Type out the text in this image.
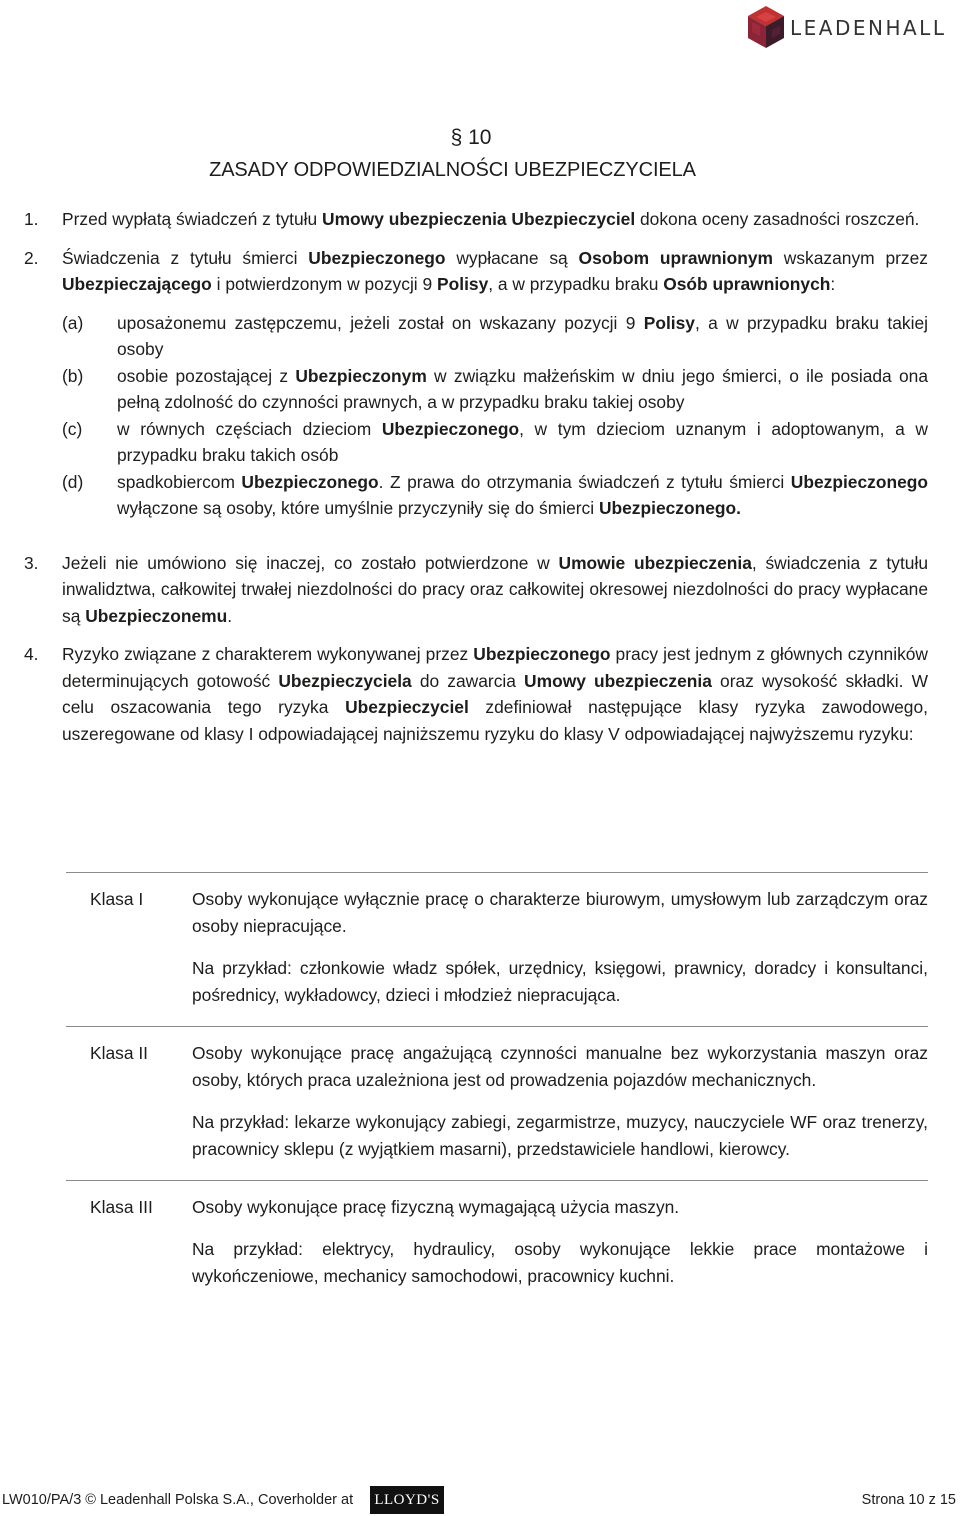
LEADENHALL
§ 10
ZASADY ODPOWIEDZIALNOŚCI UBEZPIECZYCIELA
1. Przed wypłatą świadczeń z tytułu Umowy ubezpieczenia Ubezpieczyciel dokona oceny zasadności roszczeń.
2. Świadczenia z tytułu śmierci Ubezpieczonego wypłacane są Osobom uprawnionym wskazanym przez Ubezpieczającego i potwierdzonym w pozycji 9 Polisy, a w przypadku braku Osób uprawnionych:
(a) uposażonemu zastępczemu, jeżeli został on wskazany pozycji 9 Polisy, a w przypadku braku takiej osoby
(b) osobie pozostającej z Ubezpieczonym w związku małżeńskim w dniu jego śmierci, o ile posiada ona pełną zdolność do czynności prawnych, a w przypadku braku takiej osoby
(c) w równych częściach dzieciom Ubezpieczonego, w tym dzieciom uznanym i adoptowanym, a w przypadku braku takich osób
(d) spadkobiercom Ubezpieczonego. Z prawa do otrzymania świadczeń z tytułu śmierci Ubezpieczonego wyłączone są osoby, które umyślnie przyczyniły się do śmierci Ubezpieczonego.
3. Jeżeli nie umówiono się inaczej, co zostało potwierdzone w Umowie ubezpieczenia, świadczenia z tytułu inwalidztwa, całkowitej trwałej niezdolności do pracy oraz całkowitej okresowej niezdolności do pracy wypłacane są Ubezpieczonemu.
4. Ryzyko związane z charakterem wykonywanej przez Ubezpieczonego pracy jest jednym z głównych czynników determinujących gotowość Ubezpieczyciela do zawarcia Umowy ubezpieczenia oraz wysokość składki. W celu oszacowania tego ryzyka Ubezpieczyciel zdefiniował następujące klasy ryzyka zawodowego, uszeregowane od klasy I odpowiadającej najniższemu ryzyku do klasy V odpowiadającej najwyższemu ryzyku:
Klasa I	Osoby wykonujące wyłącznie pracę o charakterze biurowym, umysłowym lub zarządczym oraz osoby niepracujące.

Na przykład: członkowie władz spółek, urzędnicy, księgowi, prawnicy, doradcy i konsultanci, pośrednicy, wykładowcy, dzieci i młodzież niepracująca.

Klasa II	Osoby wykonujące pracę angażującą czynności manualne bez wykorzystania maszyn oraz osoby, których praca uzależniona jest od prowadzenia pojazdów mechanicznych.

Na przykład: lekarze wykonujący zabiegi, zegarmistrze, muzycy, nauczyciele WF oraz trenerzy, pracownicy sklepu (z wyjątkiem masarni), przedstawiciele handlowi, kierowcy.

Klasa III Osoby wykonujące pracę fizyczną wymagającą użycia maszyn.

Na przykład: elektrycy, hydraulicy, osoby wykonujące lekkie prace montażowe i wykończeniowe, mechanicy samochodowi, pracownicy kuchni.

LW010/PA/3 © Leadenhall Polska S.A., Coverholder at LLOYD'S	Strona 10 z 15
